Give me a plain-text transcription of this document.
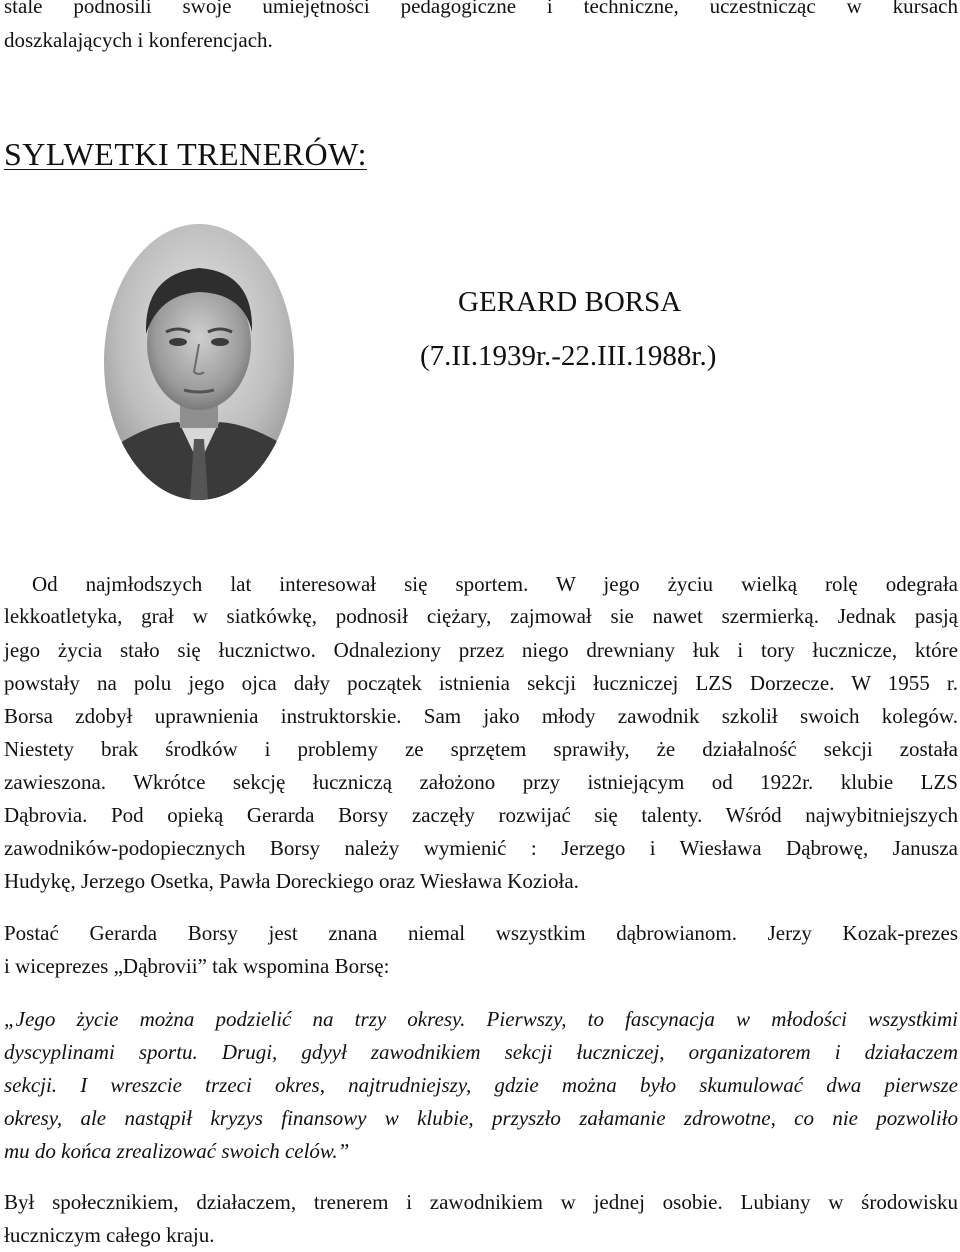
stale podnosili swoje umiejętności pedagogiczne i techniczne, uczestnicząc w kursach
doszkalających i konferencjach.
SYLWETKI TRENERÓW:
GERARD BORSA
(7.II.1939r.-22.III.1988r.)
Od najmłodszych lat interesował się sportem. W jego życiu wielką rolę odegrała
lekkoatletyka, grał w siatkówkę, podnosił ciężary, zajmował sie nawet szermierką. Jednak pasją
jego życia stało się łucznictwo. Odnaleziony przez niego drewniany łuk i tory łucznicze, które
powstały na polu jego ojca dały początek istnienia sekcji łuczniczej LZS Dorzecze. W 1955 r.
Borsa zdobył uprawnienia instruktorskie. Sam jako młody zawodnik szkolił swoich kolegów.
Niestety brak środków i problemy ze sprzętem sprawiły, że działalność sekcji została
zawieszona. Wkrótce sekcję łuczniczą założono przy istniejącym od 1922r. klubie LZS
Dąbrovia. Pod opieką Gerarda Borsy zaczęły rozwijać się talenty. Wśród najwybitniejszych
zawodników-podopiecznych Borsy należy wymienić : Jerzego i Wiesława Dąbrowę, Janusza
Hudykę, Jerzego Osetka, Pawła Doreckiego oraz Wiesława Kozioła.
Postać Gerarda Borsy jest znana niemal wszystkim dąbrowianom. Jerzy Kozak-prezes
i wiceprezes „Dąbrovii” tak wspomina Borsę:
„Jego życie można podzielić na trzy okresy. Pierwszy, to fascynacja w młodości wszystkimi
dyscyplinami sportu. Drugi, gdyył zawodnikiem sekcji łuczniczej, organizatorem i działaczem
sekcji. I wreszcie trzeci okres, najtrudniejszy, gdzie można było skumulować dwa pierwsze
okresy, ale nastąpił kryzys finansowy w klubie, przyszło załamanie zdrowotne, co nie pozwoliło
mu do końca zrealizować swoich celów.”
Był społecznikiem, działaczem, trenerem i zawodnikiem w jednej osobie. Lubiany w środowisku
łuczniczym całego kraju.
